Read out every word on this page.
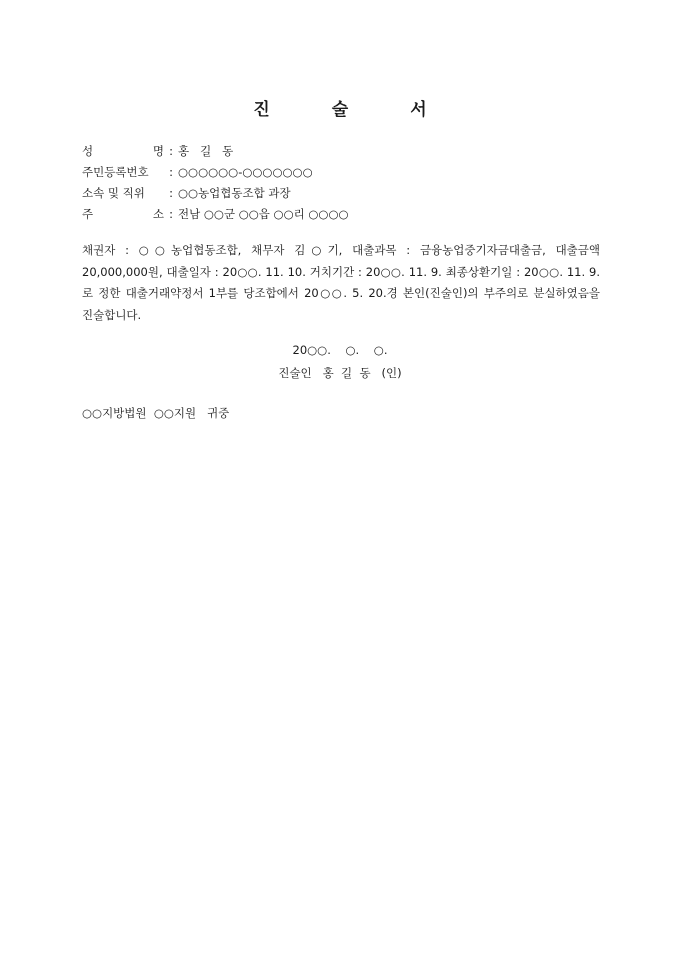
진	술	서
성	명 : 홍   길   동
주민등록번호	: ○○○○○○-○○○○○○○
소속 및 직위	: ○○농업협동조합 과장
주	소 : 전남 ○○군 ○○읍 ○○리 ○○○○

채권자 : ○○농업협동조합, 채무자 김○기, 대출과목 : 금융농업중기자금대출금, 대출금액 20,000,000원, 대출일자 : 20○○. 11. 10. 거치기간 : 20○○. 11. 9. 최종상환기일 : 20○○. 11. 9.로 정한 대출거래약정서 1부를 당조합에서 20○○. 5. 20.경 본인(진술인)의 부주의로 분실하였음을 진술합니다.

20○○.    ○.    ○.
진술인   홍  길  동   (인)
○○지방법원  ○○지원   귀중
